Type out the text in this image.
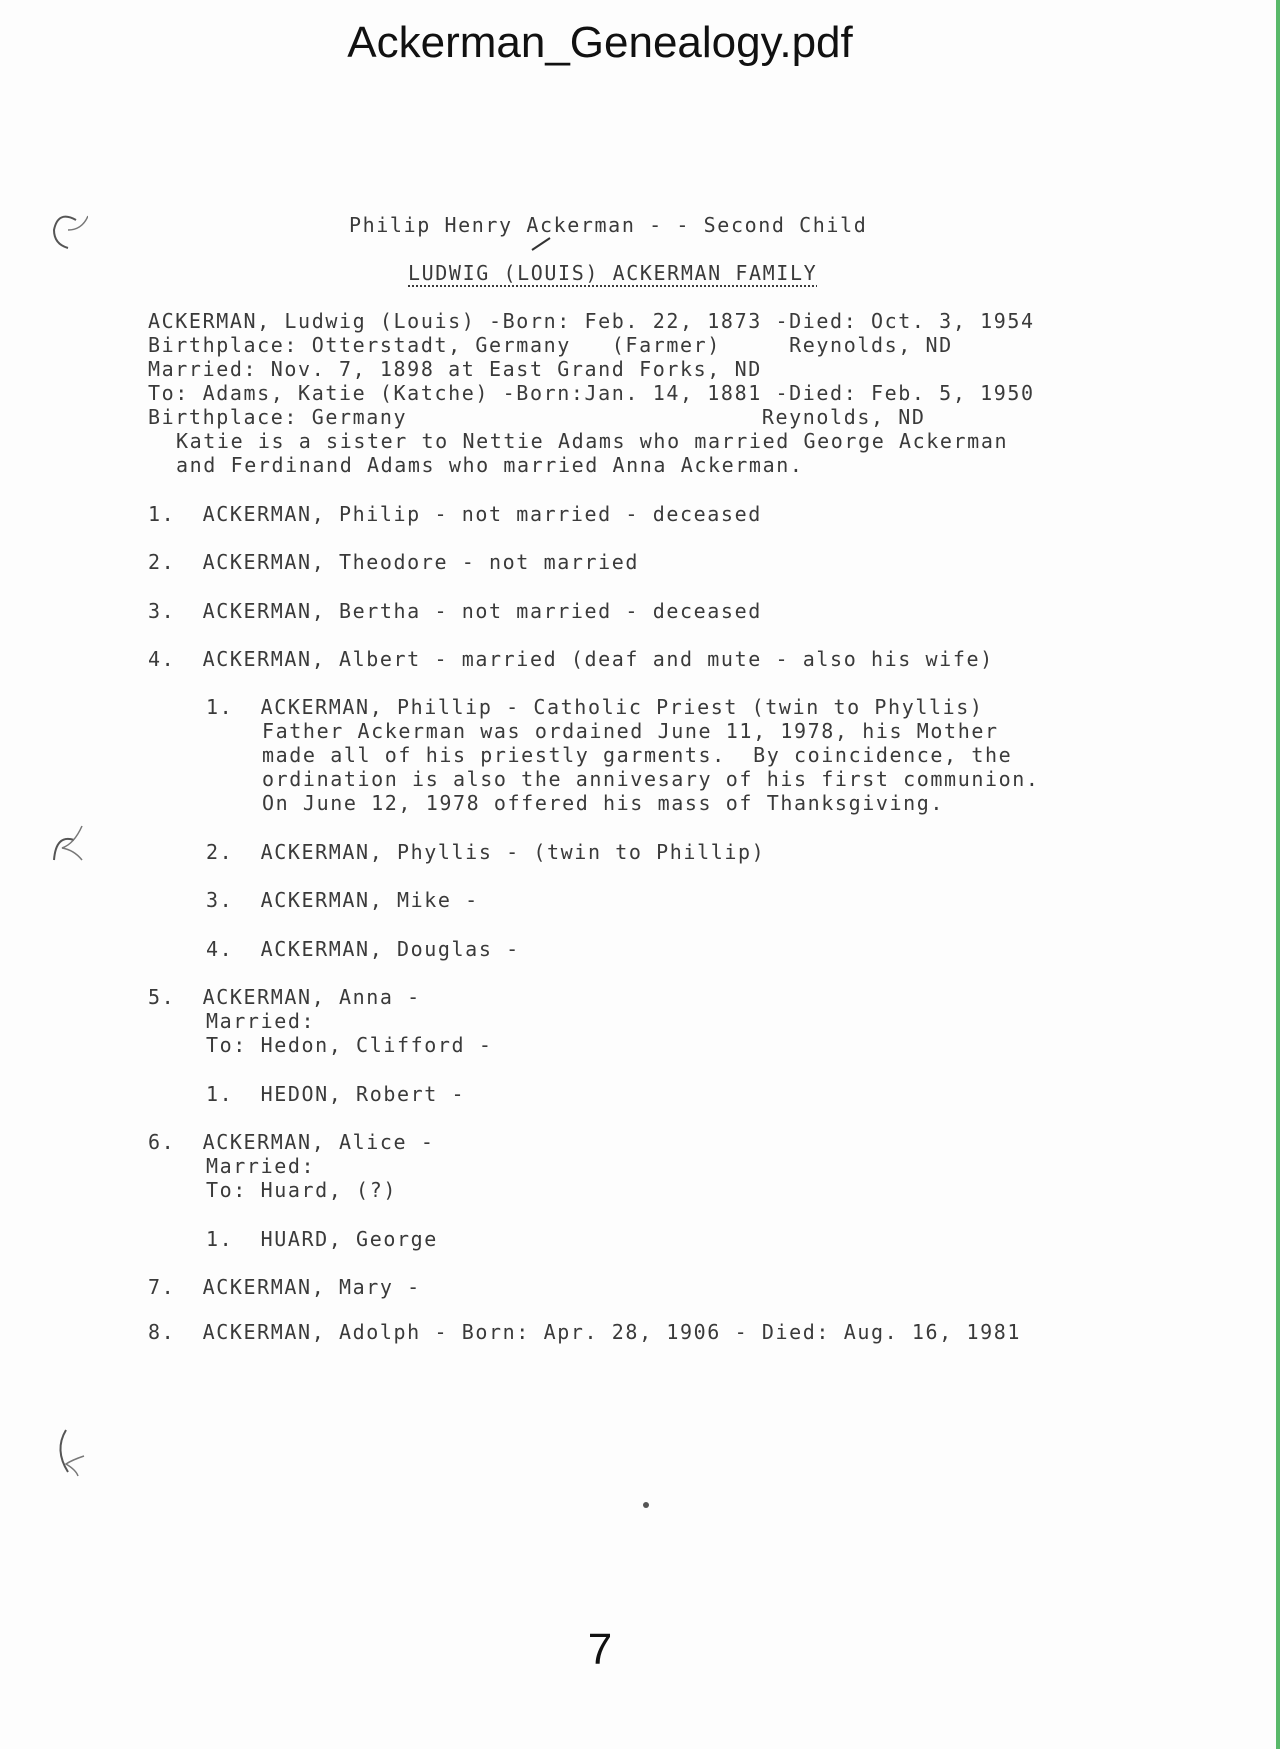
Ackerman_Genealogy.pdf
Philip Henry Ackerman - - Second Child
LUDWIG (LOUIS) ACKERMAN FAMILY
ACKERMAN, Ludwig (Louis) -Born: Feb. 22, 1873 -Died: Oct. 3, 1954
Birthplace: Otterstadt, Germany   (Farmer)     Reynolds, ND
Married: Nov. 7, 1898 at East Grand Forks, ND
To: Adams, Katie (Katche) -Born:Jan. 14, 1881 -Died: Feb. 5, 1950
Birthplace: Germany                          Reynolds, ND
Katie is a sister to Nettie Adams who married George Ackerman
and Ferdinand Adams who married Anna Ackerman.
1.  ACKERMAN, Philip - not married - deceased
2.  ACKERMAN, Theodore - not married
3.  ACKERMAN, Bertha - not married - deceased
4.  ACKERMAN, Albert - married (deaf and mute - also his wife)
1.  ACKERMAN, Phillip - Catholic Priest (twin to Phyllis)
Father Ackerman was ordained June 11, 1978, his Mother
made all of his priestly garments.  By coincidence, the
ordination is also the annivesary of his first communion.
On June 12, 1978 offered his mass of Thanksgiving.
2.  ACKERMAN, Phyllis - (twin to Phillip)
3.  ACKERMAN, Mike -
4.  ACKERMAN, Douglas -
5.  ACKERMAN, Anna -
Married:
To: Hedon, Clifford -
1.  HEDON, Robert -
6.  ACKERMAN, Alice -
Married:
To: Huard, (?)
1.  HUARD, George
7.  ACKERMAN, Mary -
8.  ACKERMAN, Adolph - Born: Apr. 28, 1906 - Died: Aug. 16, 1981
7
